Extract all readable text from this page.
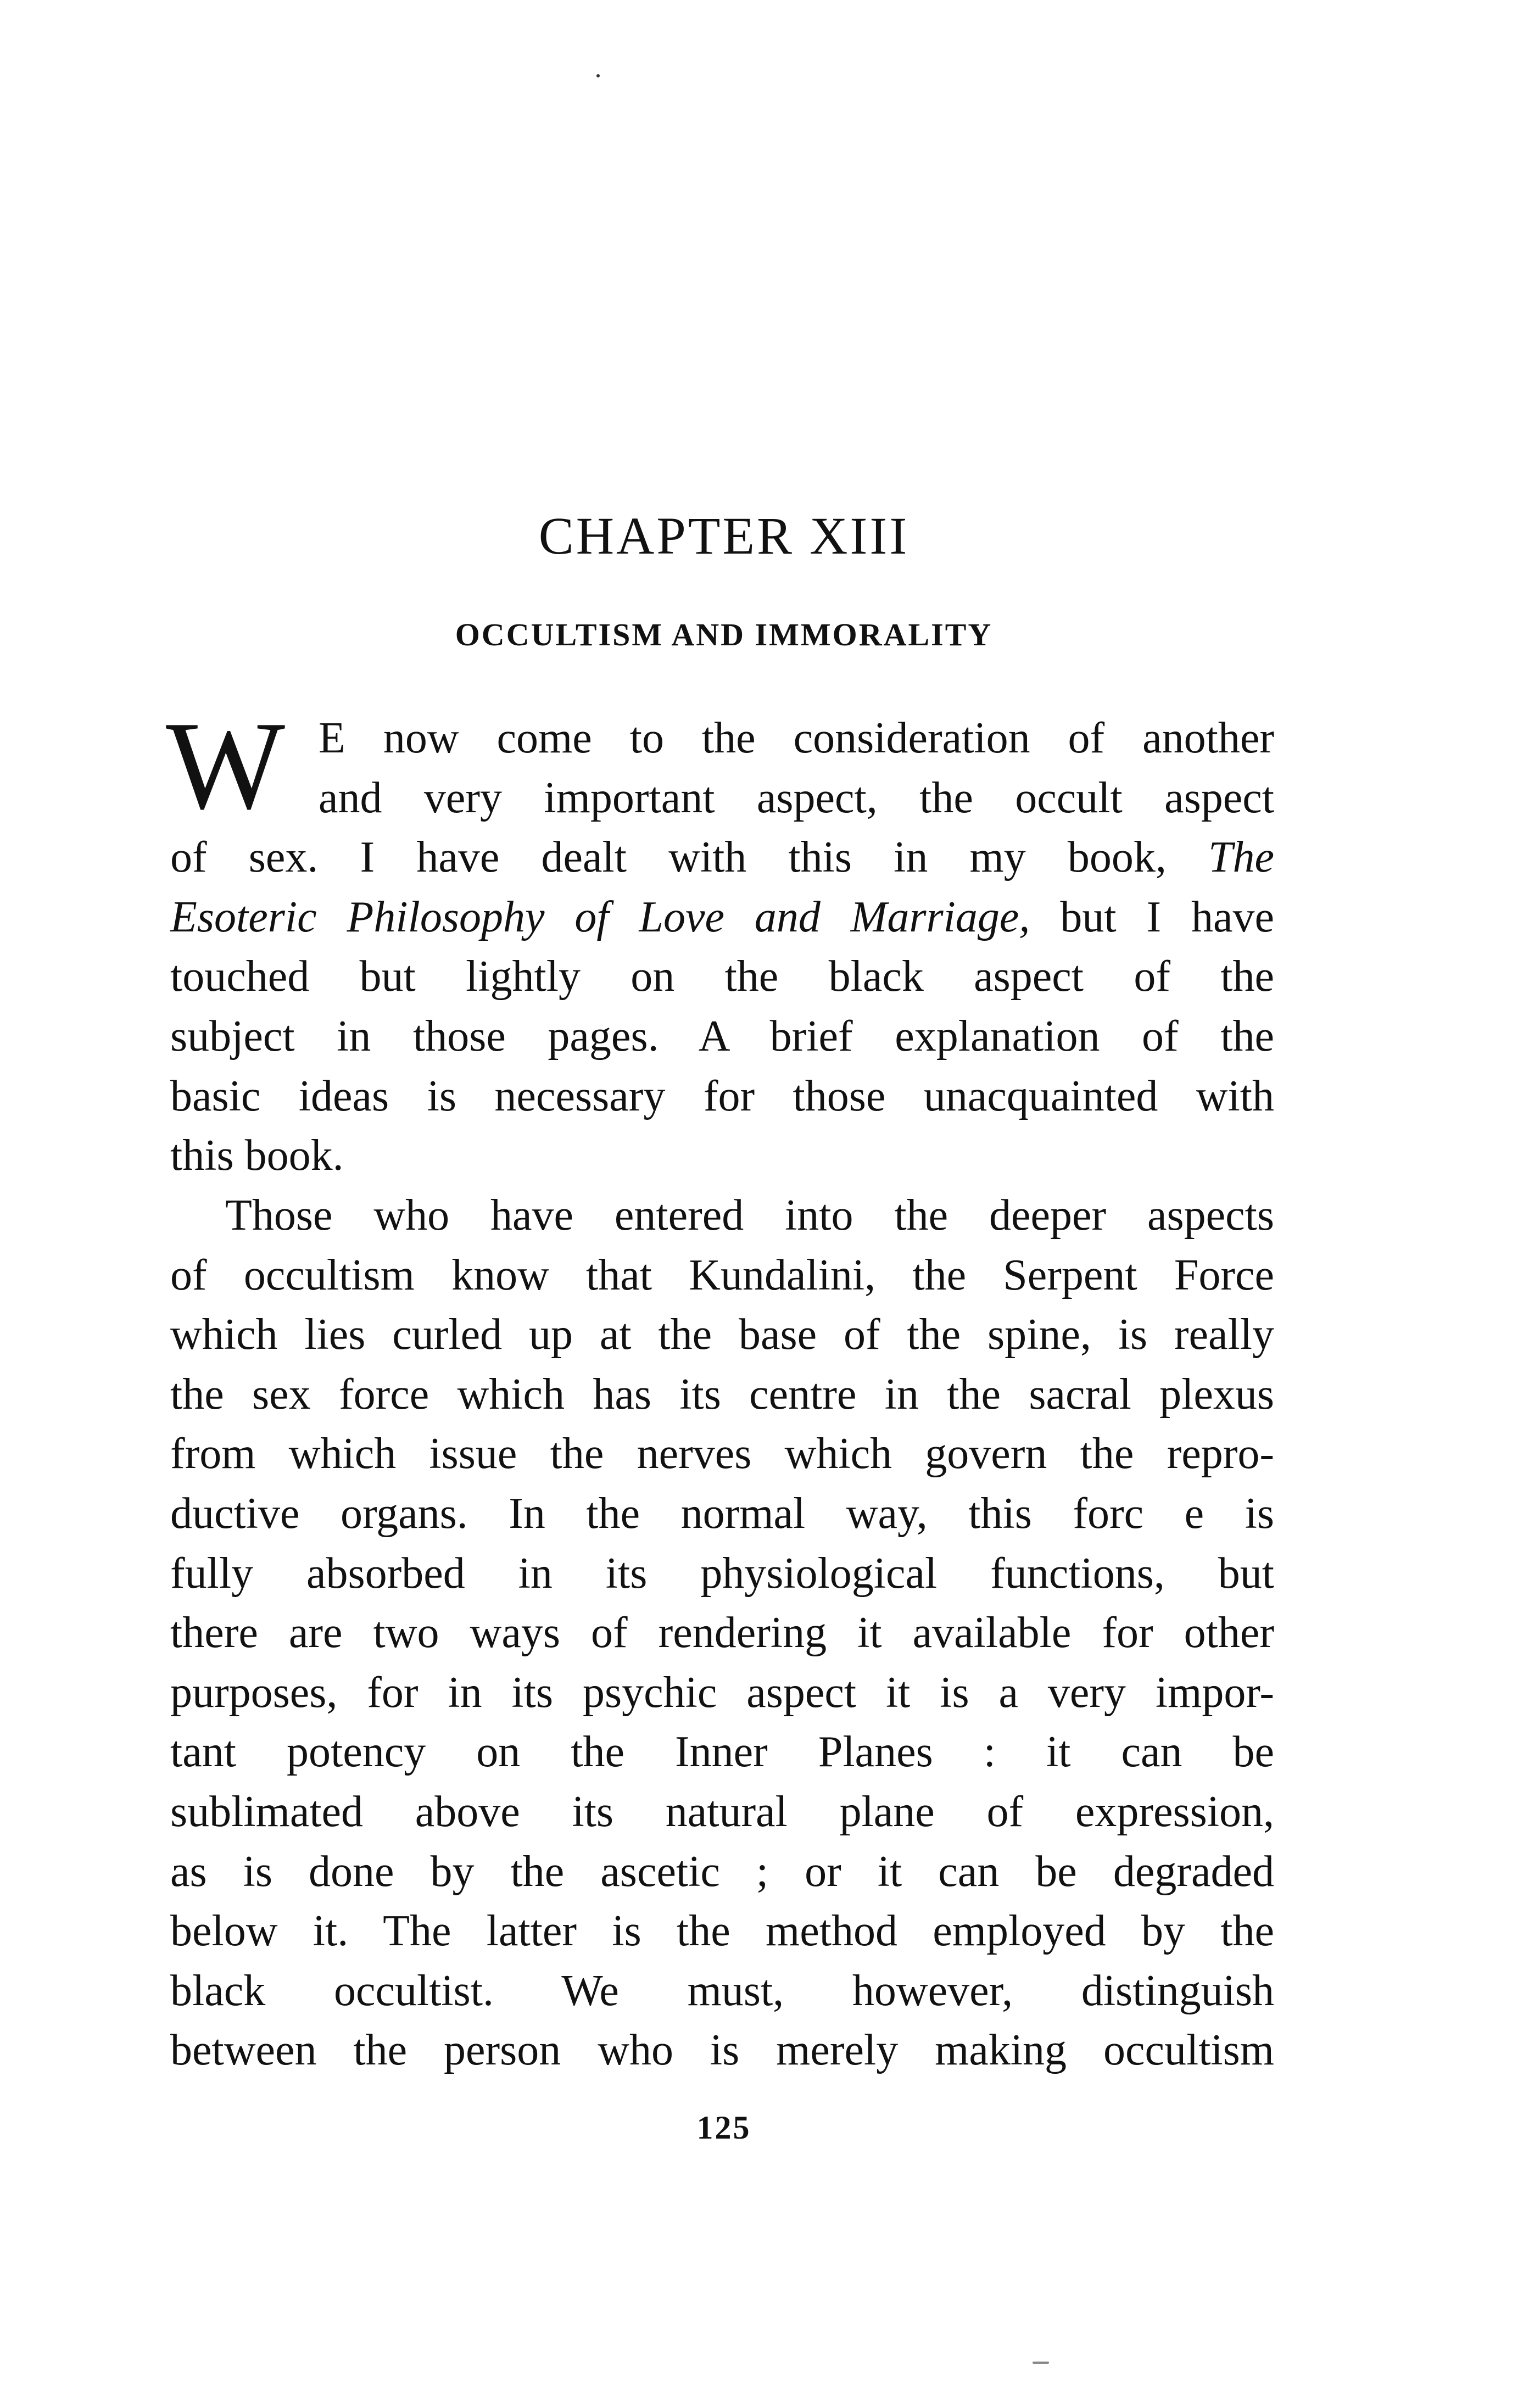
CHAPTER XIII
OCCULTISM AND IMMORALITY
W E now come to the consideration of another
and very important aspect, the occult aspect
of sex. I have dealt with this in my book, The
Esoteric Philosophy of Love and Marriage, but I have
touched but lightly on the black aspect of the
subject in those pages. A brief explanation of the
basic ideas is necessary for those unacquainted with
this book.
Those who have entered into the deeper aspects
of occultism know that Kundalini, the Serpent Force
which lies curled up at the base of the spine, is really
the sex force which has its centre in the sacral plexus
from which issue the nerves which govern the repro-
ductive organs. In the normal way, this forc e is
fully absorbed in its physiological functions, but
there are two ways of rendering it available for other
purposes, for in its psychic aspect it is a very impor-
tant potency on the Inner Planes : it can be
sublimated above its natural plane of expression,
as is done by the ascetic ; or it can be degraded
below it. The latter is the method employed by the
black occultist. We must, however, distinguish
between the person who is merely making occultism
125
